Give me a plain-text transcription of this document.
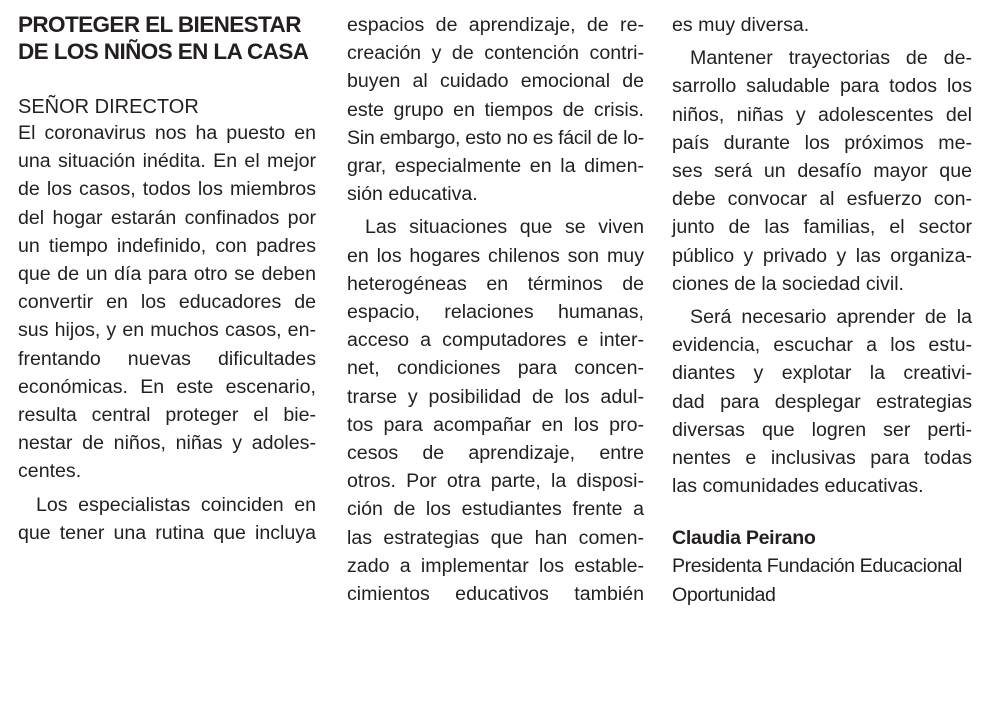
PROTEGER EL BIENESTAR
DE LOS NIÑOS EN LA CASA
SEÑOR DIRECTOR
El coronavirus nos ha puesto en
una situación inédita. En el mejor
de los casos, todos los miembros
del hogar estarán confinados por
un tiempo indefinido, con padres
que de un día para otro se deben
convertir en los educadores de
sus hijos, y en muchos casos, en-
frentando nuevas dificultades
económicas. En este escenario,
resulta central proteger el bie-
nestar de niños, niñas y adoles-
centes.
Los especialistas coinciden en
que tener una rutina que incluya
espacios de aprendizaje, de re-
creación y de contención contri-
buyen al cuidado emocional de
este grupo en tiempos de crisis.
Sin embargo, esto no es fácil de lo-
grar, especialmente en la dimen-
sión educativa.
Las situaciones que se viven
en los hogares chilenos son muy
heterogéneas en términos de
espacio, relaciones humanas,
acceso a computadores e inter-
net, condiciones para concen-
trarse y posibilidad de los adul-
tos para acompañar en los pro-
cesos de aprendizaje, entre
otros. Por otra parte, la disposi-
ción de los estudiantes frente a
las estrategias que han comen-
zado a implementar los estable-
cimientos educativos también
es muy diversa.
Mantener trayectorias de de-
sarrollo saludable para todos los
niños, niñas y adolescentes del
país durante los próximos me-
ses será un desafío mayor que
debe convocar al esfuerzo con-
junto de las familias, el sector
público y privado y las organiza-
ciones de la sociedad civil.
Será necesario aprender de la
evidencia, escuchar a los estu-
diantes y explotar la creativi-
dad para desplegar estrategias
diversas que logren ser perti-
nentes e inclusivas para todas
las comunidades educativas.
Claudia Peirano
Presidenta Fundación Educacional
Oportunidad
